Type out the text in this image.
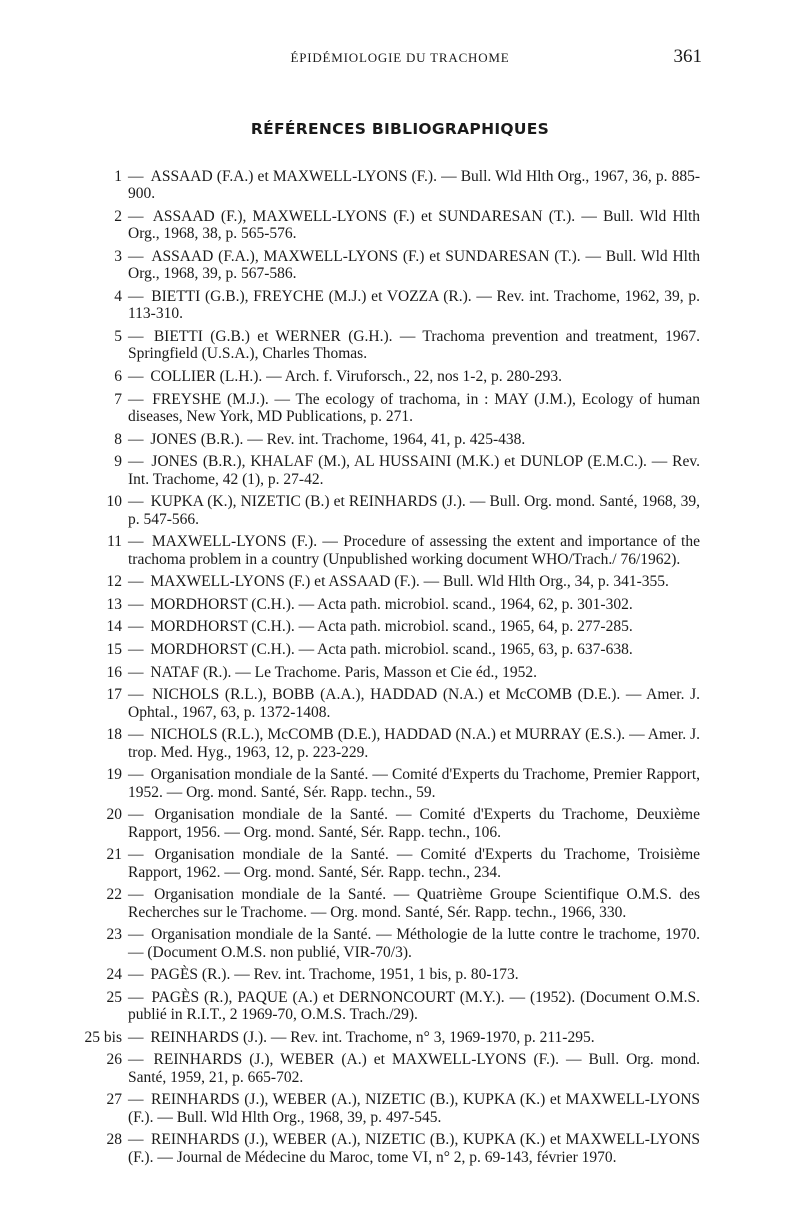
ÉPIDÉMIOLOGIE DU TRACHOME	361
RÉFÉRENCES BIBLIOGRAPHIQUES
1 — ASSAAD (F.A.) et MAXWELL-LYONS (F.). — Bull. Wld Hlth Org., 1967, 36, p. 885-900.
2 — ASSAAD (F.), MAXWELL-LYONS (F.) et SUNDARESAN (T.). — Bull. Wld Hlth Org., 1968, 38, p. 565-576.
3 — ASSAAD (F.A.), MAXWELL-LYONS (F.) et SUNDARESAN (T.). — Bull. Wld Hlth Org., 1968, 39, p. 567-586.
4 — BIETTI (G.B.), FREYCHE (M.J.) et VOZZA (R.). — Rev. int. Trachome, 1962, 39, p. 113-310.
5 — BIETTI (G.B.) et WERNER (G.H.). — Trachoma prevention and treatment, 1967. Springfield (U.S.A.), Charles Thomas.
6 — COLLIER (L.H.). — Arch. f. Viruforsch., 22, nos 1-2, p. 280-293.
7 — FREYSHE (M.J.). — The ecology of trachoma, in : MAY (J.M.), Ecology of human diseases, New York, MD Publications, p. 271.
8 — JONES (B.R.). — Rev. int. Trachome, 1964, 41, p. 425-438.
9 — JONES (B.R.), KHALAF (M.), AL HUSSAINI (M.K.) et DUNLOP (E.M.C.). — Rev. Int. Trachome, 42 (1), p. 27-42.
10 — KUPKA (K.), NIZETIC (B.) et REINHARDS (J.). — Bull. Org. mond. Santé, 1968, 39, p. 547-566.
11 — MAXWELL-LYONS (F.). — Procedure of assessing the extent and importance of the trachoma problem in a country (Unpublished working document WHO/Trach./ 76/1962).
12 — MAXWELL-LYONS (F.) et ASSAAD (F.). — Bull. Wld Hlth Org., 34, p. 341-355.
13 — MORDHORST (C.H.). — Acta path. microbiol. scand., 1964, 62, p. 301-302.
14 — MORDHORST (C.H.). — Acta path. microbiol. scand., 1965, 64, p. 277-285.
15 — MORDHORST (C.H.). — Acta path. microbiol. scand., 1965, 63, p. 637-638.
16 — NATAF (R.). — Le Trachome. Paris, Masson et Cie éd., 1952.
17 — NICHOLS (R.L.), BOBB (A.A.), HADDAD (N.A.) et McCOMB (D.E.). — Amer. J. Ophtal., 1967, 63, p. 1372-1408.
18 — NICHOLS (R.L.), McCOMB (D.E.), HADDAD (N.A.) et MURRAY (E.S.). — Amer. J. trop. Med. Hyg., 1963, 12, p. 223-229.
19 — Organisation mondiale de la Santé. — Comité d'Experts du Trachome, Premier Rapport, 1952. — Org. mond. Santé, Sér. Rapp. techn., 59.
20 — Organisation mondiale de la Santé. — Comité d'Experts du Trachome, Deuxième Rapport, 1956. — Org. mond. Santé, Sér. Rapp. techn., 106.
21 — Organisation mondiale de la Santé. — Comité d'Experts du Trachome, Troisième Rapport, 1962. — Org. mond. Santé, Sér. Rapp. techn., 234.
22 — Organisation mondiale de la Santé. — Quatrième Groupe Scientifique O.M.S. des Recherches sur le Trachome. — Org. mond. Santé, Sér. Rapp. techn., 1966, 330.
23 — Organisation mondiale de la Santé. — Méthologie de la lutte contre le trachome, 1970. — (Document O.M.S. non publié, VIR-70/3).
24 — PAGÈS (R.). — Rev. int. Trachome, 1951, 1 bis, p. 80-173.
25 — PAGÈS (R.), PAQUE (A.) et DERNONCOURT (M.Y.). — (1952). (Document O.M.S. publié in R.I.T., 2 1969-70, O.M.S. Trach./29).
25 bis — REINHARDS (J.). — Rev. int. Trachome, n° 3, 1969-1970, p. 211-295.
26 — REINHARDS (J.), WEBER (A.) et MAXWELL-LYONS (F.). — Bull. Org. mond. Santé, 1959, 21, p. 665-702.
27 — REINHARDS (J.), WEBER (A.), NIZETIC (B.), KUPKA (K.) et MAXWELL-LYONS (F.). — Bull. Wld Hlth Org., 1968, 39, p. 497-545.
28 — REINHARDS (J.), WEBER (A.), NIZETIC (B.), KUPKA (K.) et MAXWELL-LYONS (F.). — Journal de Médecine du Maroc, tome VI, n° 2, p. 69-143, février 1970.
